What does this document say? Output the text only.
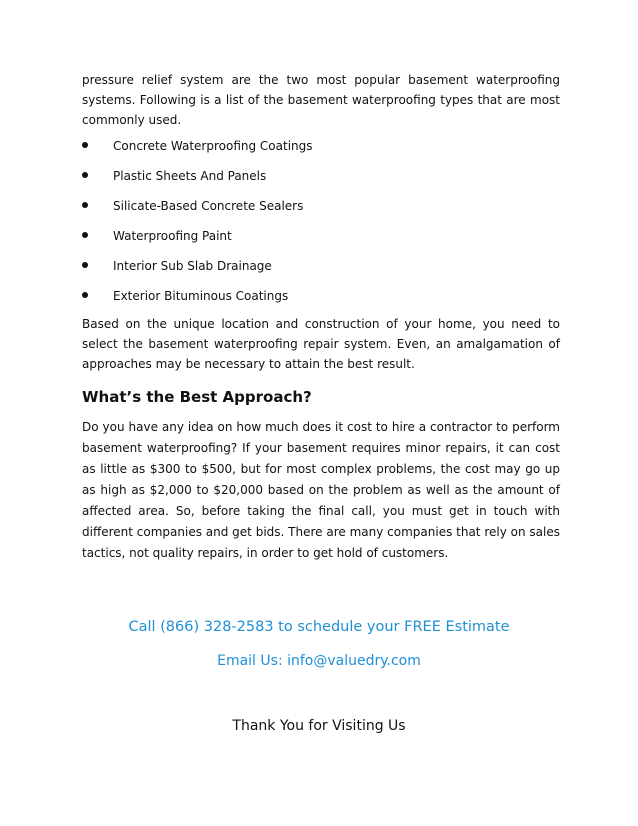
pressure relief system are the two most popular basement waterproofing systems. Following is a list of the basement waterproofing types that are most commonly used.

Concrete Waterproofing Coatings
Plastic Sheets And Panels
Silicate-Based Concrete Sealers
Waterproofing Paint
Interior Sub Slab Drainage
Exterior Bituminous Coatings

Based on the unique location and construction of your home, you need to select the basement waterproofing repair system. Even, an amalgamation of approaches may be necessary to attain the best result.

What’s the Best Approach?

Do you have any idea on how much does it cost to hire a contractor to perform basement waterproofing? If your basement requires minor repairs, it can cost as little as $300 to $500, but for most complex problems, the cost may go up as high as $2,000 to $20,000 based on the problem as well as the amount of affected area. So, before taking the final call, you must get in touch with different companies and get bids. There are many companies that rely on sales tactics, not quality repairs, in order to get hold of customers.

Call (866) 328-2583 to schedule your FREE Estimate
Email Us: info@valuedry.com
Thank You for Visiting Us
